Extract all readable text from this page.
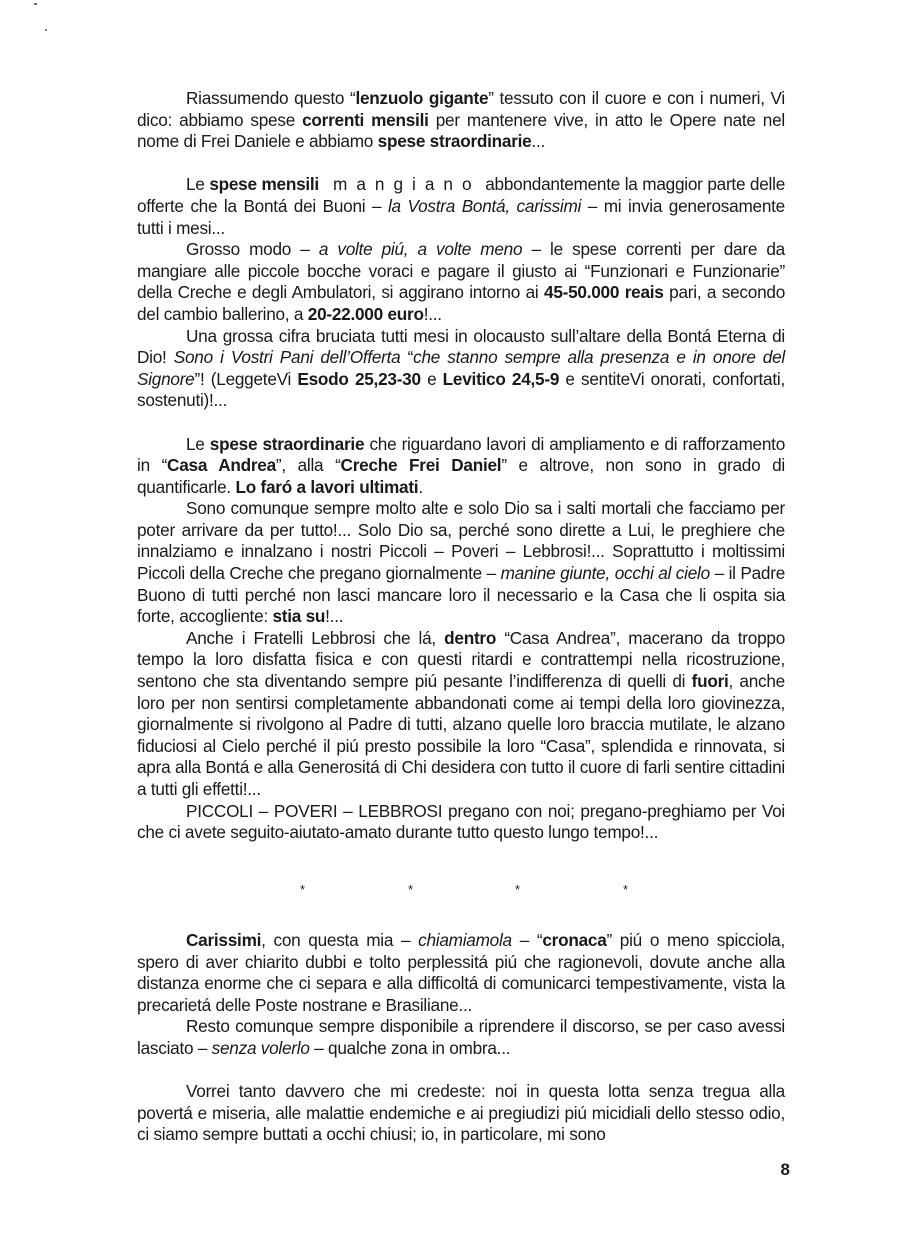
Riassumendo questo “lenzuolo gigante” tessuto con il cuore e con i numeri, Vi dico: abbiamo spese correnti mensili per mantenere vive, in atto le Opere nate nel nome di Frei Daniele e abbiamo spese straordinarie...

Le spese mensili mangiano abbondantemente la maggior parte delle offerte che la Bontá dei Buoni – la Vostra Bontá, carissimi – mi invia generosamente tutti i mesi...

Grosso modo – a volte piú, a volte meno – le spese correnti per dare da mangiare alle piccole bocche voraci e pagare il giusto ai “Funzionari e Funzionarie” della Creche e degli Ambulatori, si aggirano intorno ai 45-50.000 reais pari, a secondo del cambio ballerino, a 20-22.000 euro!...

Una grossa cifra bruciata tutti mesi in olocausto sull’altare della Bontá Eterna di Dio! Sono i Vostri Pani dell’Offerta “che stanno sempre alla presenza e in onore del Signore”! (LeggeteVi Esodo 25,23-30 e Levitico 24,5-9 e sentiteVi onorati, confortati, sostenuti)!...

Le spese straordinarie che riguardano lavori di ampliamento e di rafforzamento in “Casa Andrea”, alla “Creche Frei Daniel” e altrove, non sono in grado di quantificarle. Lo faró a lavori ultimati.

Sono comunque sempre molto alte e solo Dio sa i salti mortali che facciamo per poter arrivare da per tutto!... Solo Dio sa, perché sono dirette a Lui, le preghiere che innalziamo e innalzano i nostri Piccoli – Poveri – Lebbrosi!... Soprattutto i moltissimi Piccoli della Creche che pregano giornalmente – manine giunte, occhi al cielo – il Padre Buono di tutti perché non lasci mancare loro il necessario e la Casa che li ospita sia forte, accogliente: stia su!...

Anche i Fratelli Lebbrosi che lá, dentro “Casa Andrea”, macerano da troppo tempo la loro disfatta fisica e con questi ritardi e contrattempi nella ricostruzione, sentono che sta diventando sempre piú pesante l’indifferenza di quelli di fuori, anche loro per non sentirsi completamente abbandonati come ai tempi della loro giovinezza, giornalmente si rivolgono al Padre di tutti, alzano quelle loro braccia mutilate, le alzano fiduciosi al Cielo perché il piú presto possibile la loro “Casa”, splendida e rinnovata, si apra alla Bontá e alla Generositá di Chi desidera con tutto il cuore di farli sentire cittadini a tutti gli effetti!...

PICCOLI – POVERI – LEBBROSI pregano con noi; pregano-preghiamo per Voi che ci avete seguito-aiutato-amato durante tutto questo lungo tempo!...

*	*	*	*

Carissimi, con questa mia – chiamiamola – “cronaca” piú o meno spicciola, spero di aver chiarito dubbi e tolto perplessitá piú che ragionevoli, dovute anche alla distanza enorme che ci separa e alla difficoltá di comunicarci tempestivamente, vista la precarietá delle Poste nostrane e Brasiliane...

Resto comunque sempre disponibile a riprendere il discorso, se per caso avessi lasciato – senza volerlo – qualche zona in ombra...

Vorrei tanto davvero che mi credeste: noi in questa lotta senza tregua alla povertá e miseria, alle malattie endemiche e ai pregiudizi piú micidiali dello stesso odio, ci siamo sempre buttati a occhi chiusi; io, in particolare, mi sono

8
